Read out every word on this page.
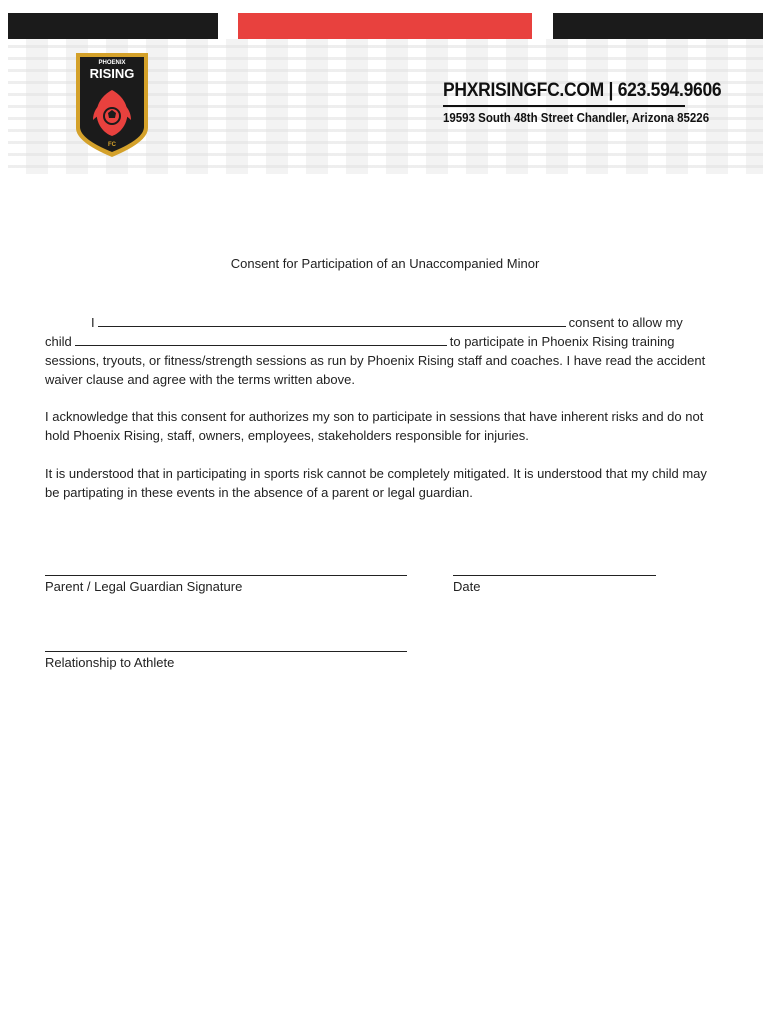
PHOENIX
RISING
FC
PHXRISINGFC.COM | 623.594.9606
19593 South 48th Street Chandler, Arizona 85226
Consent for Participation of an Unaccompanied Minor
I	consent to allow my
child	to participate in Phoenix Rising training
sessions, tryouts, or fitness/strength sessions as run by Phoenix Rising staff and coaches. I have read the accident waiver clause and agree with the terms written above.
I acknowledge that this consent for authorizes my son to participate in sessions that have inherent risks and do not hold Phoenix Rising, staff, owners, employees, stakeholders responsible for injuries.
It is understood that in participating in sports risk cannot be completely mitigated. It is understood that my child may be partipating in these events in the absence of a parent or legal guardian.
Parent / Legal Guardian Signature	Date
Relationship to Athlete
